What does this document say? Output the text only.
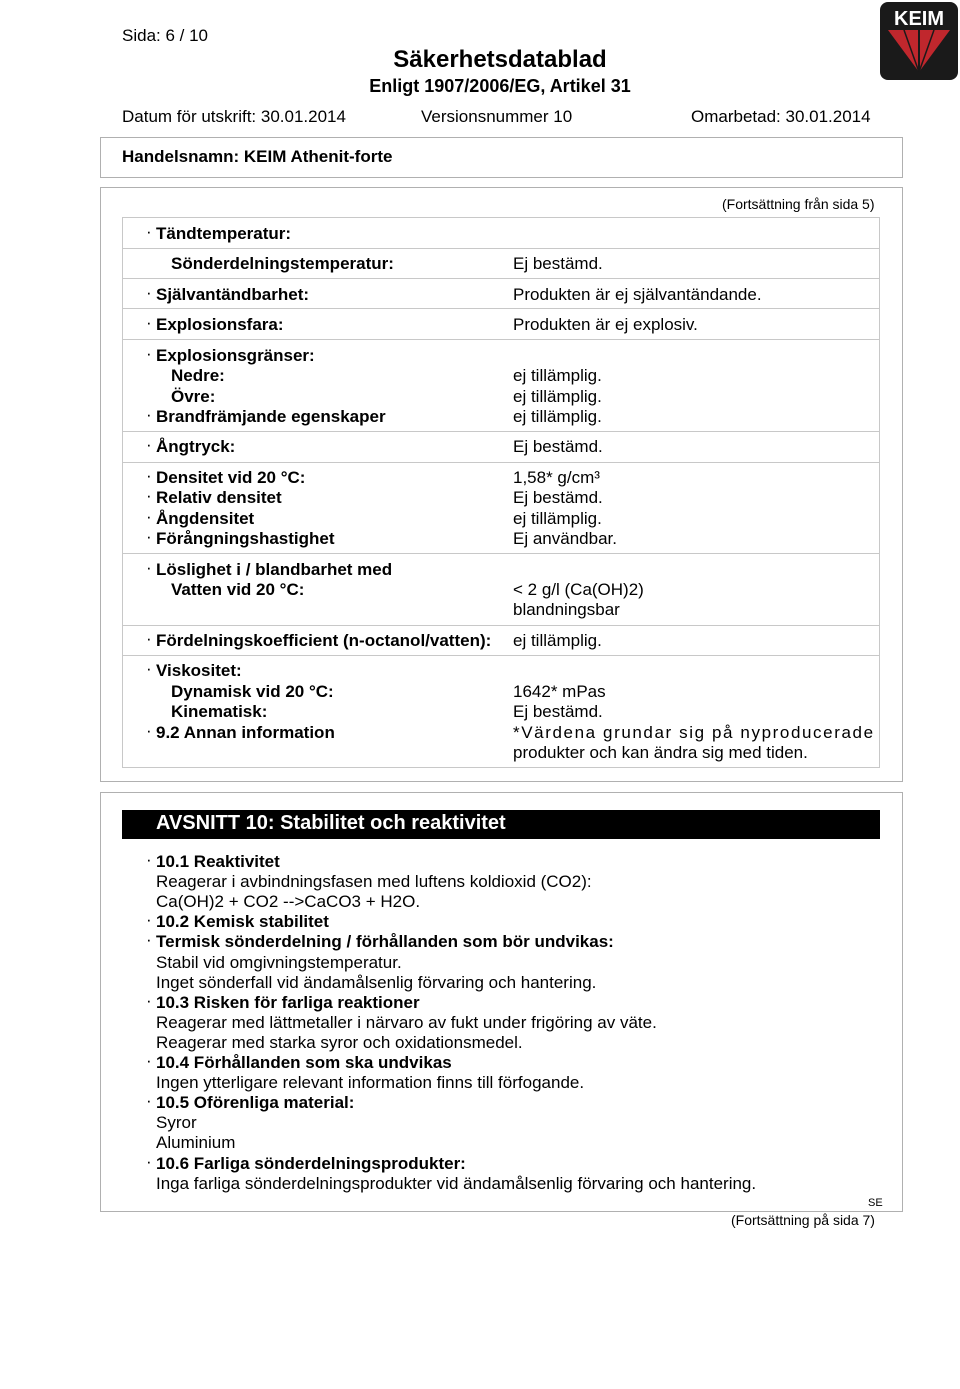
Sida: 6 / 10
Säkerhetsdatablad
Enligt 1907/2006/EG, Artikel 31
KEIM
Datum för utskrift: 30.01.2014	Versionsnummer 10	Omarbetad: 30.01.2014
Handelsnamn: KEIM Athenit-forte
(Fortsättning från sida 5)
· Tändtemperatur:
Sönderdelningstemperatur:	Ej bestämd.
· Självantändbarhet:	Produkten är ej självantändande.
· Explosionsfara:	Produkten är ej explosiv.
· Explosionsgränser:
Nedre:	ej tillämplig.
Övre:	ej tillämplig.
· Brandfrämjande egenskaper	ej tillämplig.
· Ångtryck:	Ej bestämd.
· Densitet vid 20 °C:	1,58* g/cm³
· Relativ densitet	Ej bestämd.
· Ångdensitet	ej tillämplig.
· Förångningshastighet	Ej användbar.
· Löslighet i / blandbarhet med
Vatten vid 20 °C:	< 2 g/l (Ca(OH)2)
blandningsbar
· Fördelningskoefficient (n-octanol/vatten): ej tillämplig.
· Viskositet:
Dynamisk vid 20 °C:	1642* mPas
Kinematisk:	Ej bestämd.
· 9.2 Annan information	*Värdena grundar sig på nyproducerade
produkter och kan ändra sig med tiden.
AVSNITT 10: Stabilitet och reaktivitet
· 10.1 Reaktivitet
Reagerar i avbindningsfasen med luftens koldioxid (CO2):
Ca(OH)2 + CO2 -->CaCO3 + H2O.
· 10.2 Kemisk stabilitet
· Termisk sönderdelning / förhållanden som bör undvikas:
Stabil vid omgivningstemperatur.
Inget sönderfall vid ändamålsenlig förvaring och hantering.
· 10.3 Risken för farliga reaktioner
Reagerar med lättmetaller i närvaro av fukt under frigöring av väte.
Reagerar med starka syror och oxidationsmedel.
· 10.4 Förhållanden som ska undvikas
Ingen ytterligare relevant information finns till förfogande.
· 10.5 Oförenliga material:
Syror
Aluminium
· 10.6 Farliga sönderdelningsprodukter:
Inga farliga sönderdelningsprodukter vid ändamålsenlig förvaring och hantering.
SE
(Fortsättning på sida 7)
